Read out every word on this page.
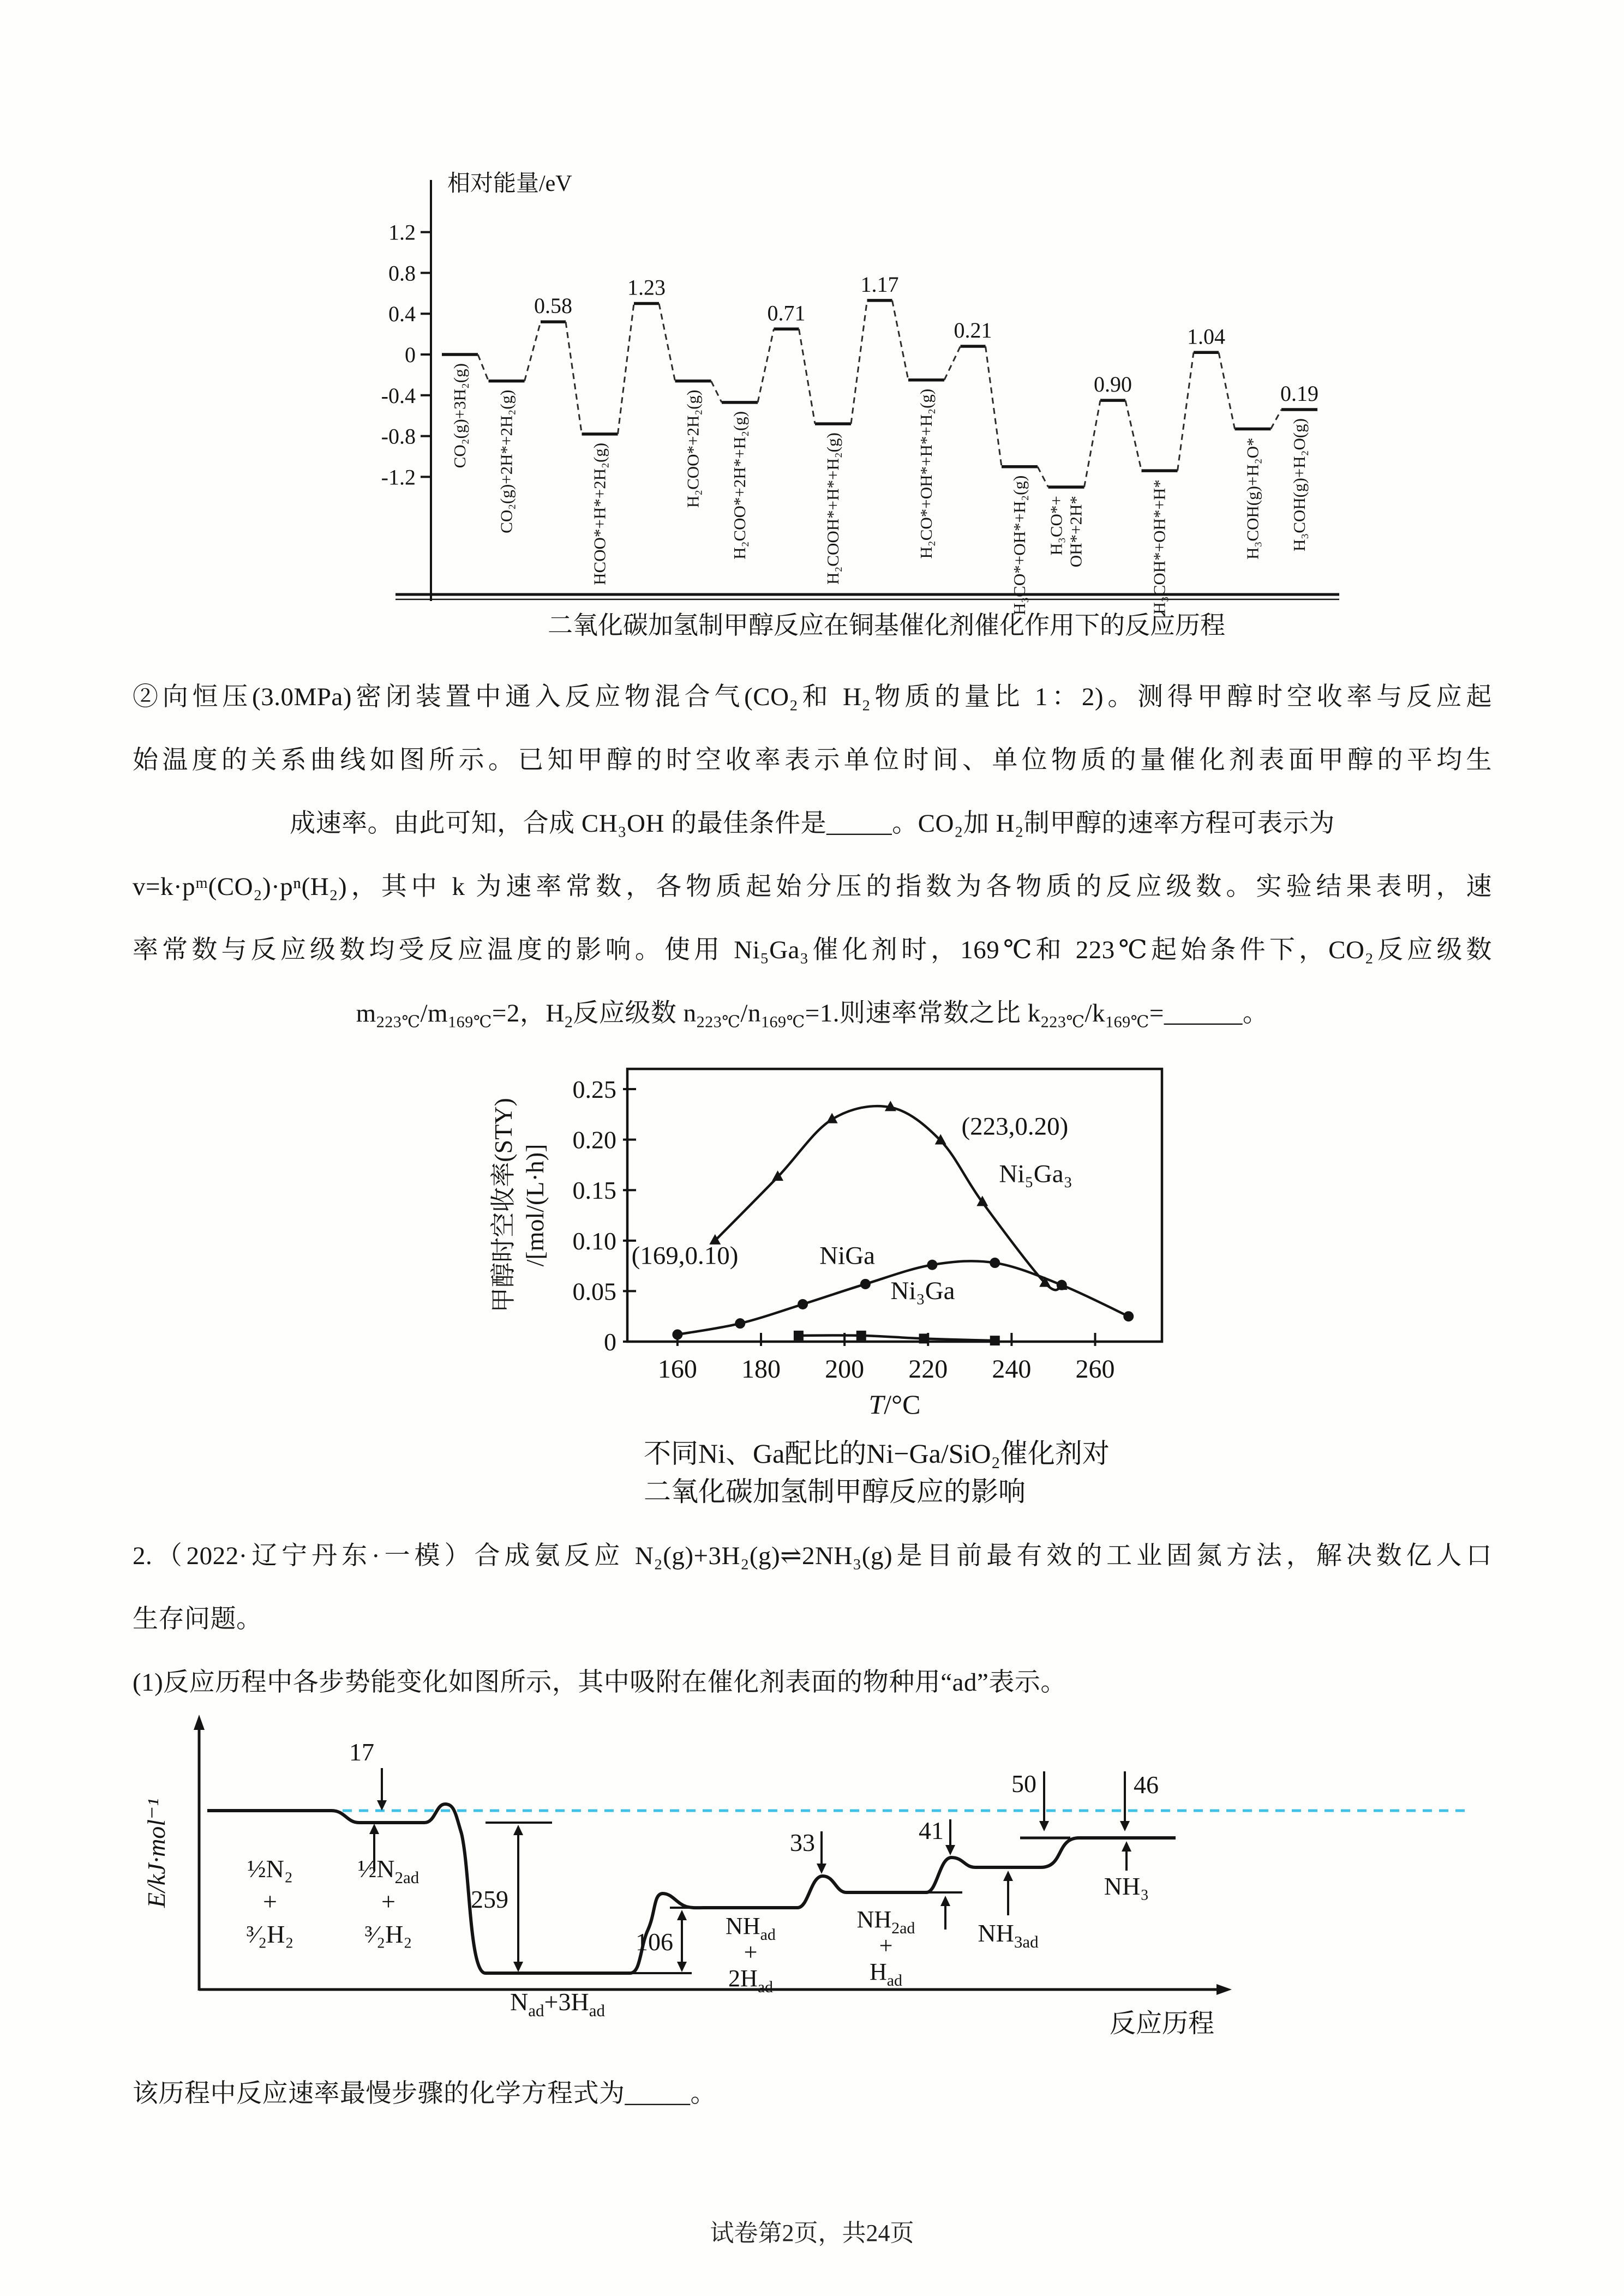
1.2
0.8
0.4
0
-0.4
-0.8
-1.2
相对能量/eV
二氧化碳加氢制甲醇反应在铜基催化剂催化作用下的反应历程
CO₂(g)+3H₂(g) CO₂(g)+2H*+2H₂(g)
0.58
HCOO*+H*+2H₂(g)
1.23
H₂COO*+2H₂(g) H₂COO*+2H*+H₂(g)
0.71
H₂COOH*+H*+H₂(g)
1.17
H₂CO*+OH*+H*+H₂(g)
0.21
H₃CO*+OH*+H₂(g) H₃CO*+ OH*+2H*
0.90
H₃COH*+OH*+H*
1.04
H₃COH(g)+H₂O*
0.19
H₃COH(g)+H₂O(g)
②向恒压(3.0MPa)密闭装置中通入反应物混合气(CO₂和 H₂物质的量比 1：2)。测得甲醇时空收率与反应起
始温度的关系曲线如图所示。已知甲醇的时空收率表示单位时间、单位物质的量催化剂表面甲醇的平均生
成速率。由此可知，合成 CH₃OH 的最佳条件是_____。CO₂加 H₂制甲醇的速率方程可表示为
v=k·pᵐ(CO₂)·pⁿ(H₂)，其中 k 为速率常数，各物质起始分压的指数为各物质的反应级数。实验结果表明，速
率常数与反应级数均受反应温度的影响。使用 Ni₅Ga₃催化剂时，169℃和 223℃起始条件下，CO₂反应级数
$m_{223℃}/m_{169℃}=2$，$H_2$反应级数 $n_{223℃}/n_{169℃}=1$.则速率常数之比 $k_{223℃}/k_{169℃}=\_\_\_\_\_\_$。
160 180 200 220 240 260
0
0.05
0.10
0.15
0.20
0.25
甲醇时空收率(STY) /[mol/(L·h)]
T/°C
不同Ni、Ga配比的Ni−Ga/SiO₂催化剂对
二氧化碳加氢制甲醇反应的影响
(223,0.20)
Ni₅Ga₃
(169,0.10)	NiGa
Ni₃Ga
2.（2022·辽宁丹东·一模）合成氨反应 N₂(g)+3H₂(g)⇌2NH₃(g)是目前最有效的工业固氮方法，解决数亿人口
生存问题。
(1)反应历程中各步势能变化如图所示，其中吸附在催化剂表面的物种用“ad”表示。
E/kJ·mol⁻¹
反应历程
17
259
106
33	41
50	46
½N₂
+
³⁄₂H₂
$\frac{1}{2}N_{2ad}$
+
³⁄₂H₂
$N_{ad}+3H_{ad}$
$NH_{ad}$
+
$2H_{ad}$
$NH_{2ad}$
+
$H_{ad}$
$NH_{3ad}$
NH₃
该历程中反应速率最慢步骤的化学方程式为_____。
试卷第2页，共24页
